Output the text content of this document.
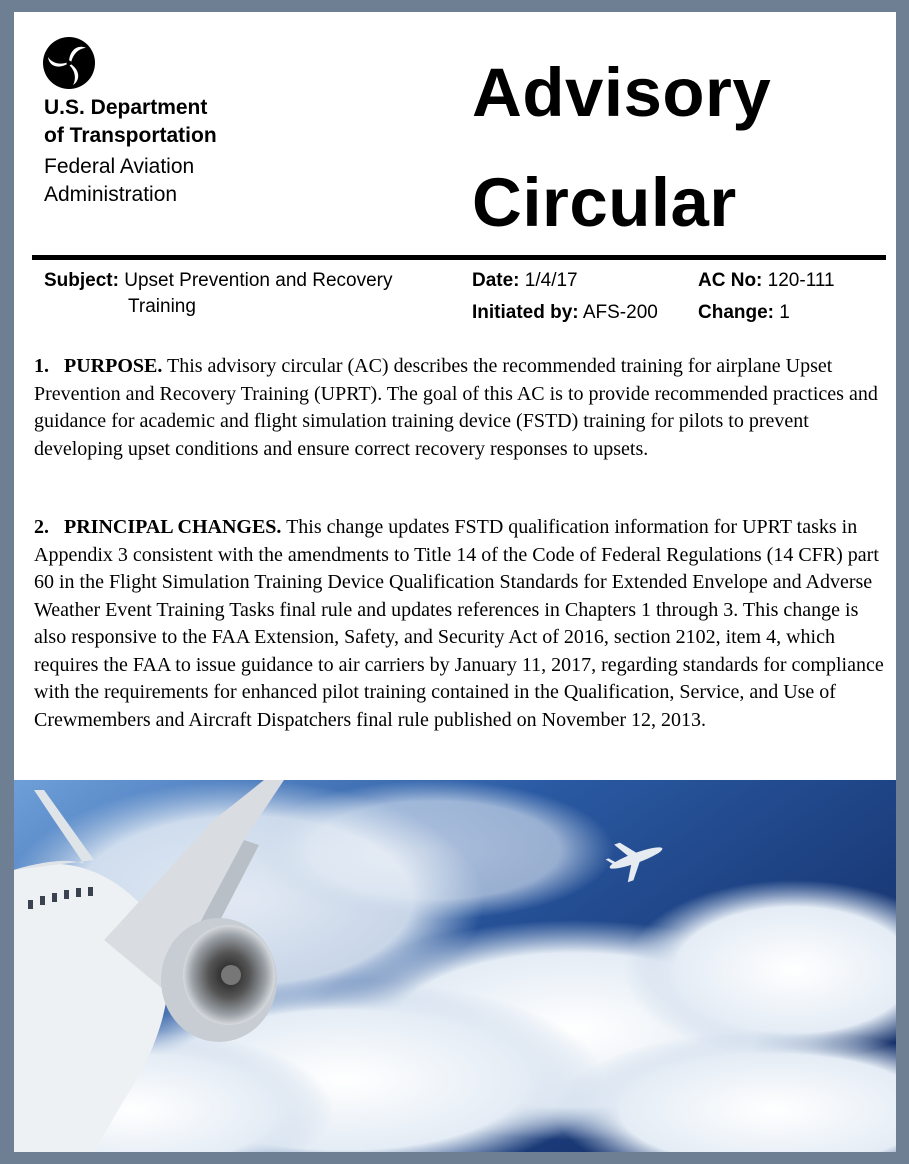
U.S. Department
of Transportation
Federal Aviation
Administration
Advisory
Circular
Subject: Upset Prevention and Recovery
Training
Date: 1/4/17
Initiated by: AFS-200
AC No: 120-111
Change: 1
1. PURPOSE. This advisory circular (AC) describes the recommended training for airplane Upset Prevention and Recovery Training (UPRT). The goal of this AC is to provide recommended practices and guidance for academic and flight simulation training device (FSTD) training for pilots to prevent developing upset conditions and ensure correct recovery responses to upsets.
2. PRINCIPAL CHANGES. This change updates FSTD qualification information for UPRT tasks in Appendix 3 consistent with the amendments to Title 14 of the Code of Federal Regulations (14 CFR) part 60 in the Flight Simulation Training Device Qualification Standards for Extended Envelope and Adverse Weather Event Training Tasks final rule and updates references in Chapters 1 through 3. This change is also responsive to the FAA Extension, Safety, and Security Act of 2016, section 2102, item 4, which requires the FAA to issue guidance to air carriers by January 11, 2017, regarding standards for compliance with the requirements for enhanced pilot training contained in the Qualification, Service, and Use of Crewmembers and Aircraft Dispatchers final rule published on November 12, 2013.
